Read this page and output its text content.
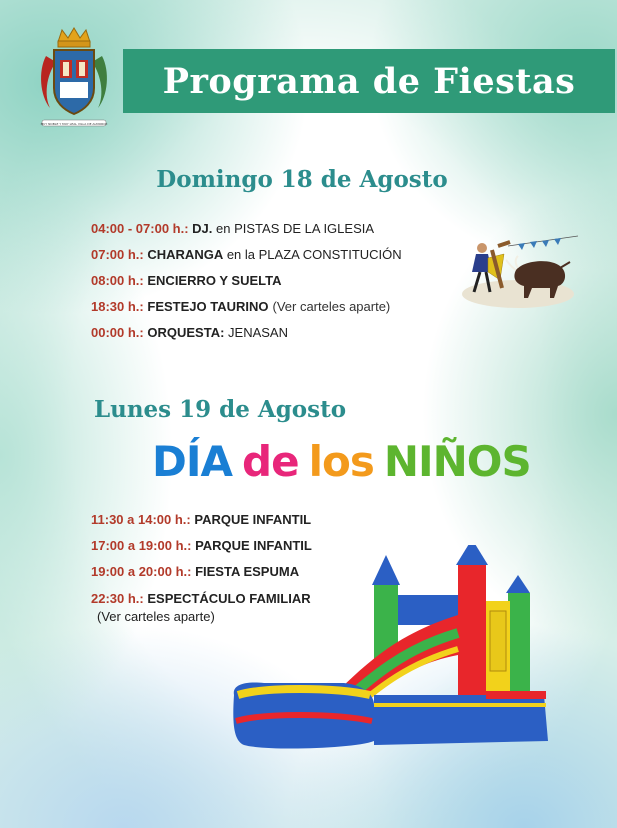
MUY NOBLE Y MUY LEAL VILLA DE ALMOROX
Programa de Fiestas
Domingo 18 de Agosto
04:00 - 07:00 h.: DJ. en PISTAS DE LA IGLESIA
07:00 h.: CHARANGA en la PLAZA CONSTITUCIÓN
08:00 h.: ENCIERRO Y SUELTA
18:30 h.: FESTEJO TAURINO (Ver carteles aparte)
00:00 h.: ORQUESTA: JENASAN
Lunes 19 de Agosto
DÍA de los NIÑOS
11:30 a 14:00 h.: PARQUE INFANTIL
17:00 a 19:00 h.: PARQUE INFANTIL
19:00 a 20:00 h.: FIESTA ESPUMA
22:30 h.: ESPECTÁCULO FAMILIAR
(Ver carteles aparte)
